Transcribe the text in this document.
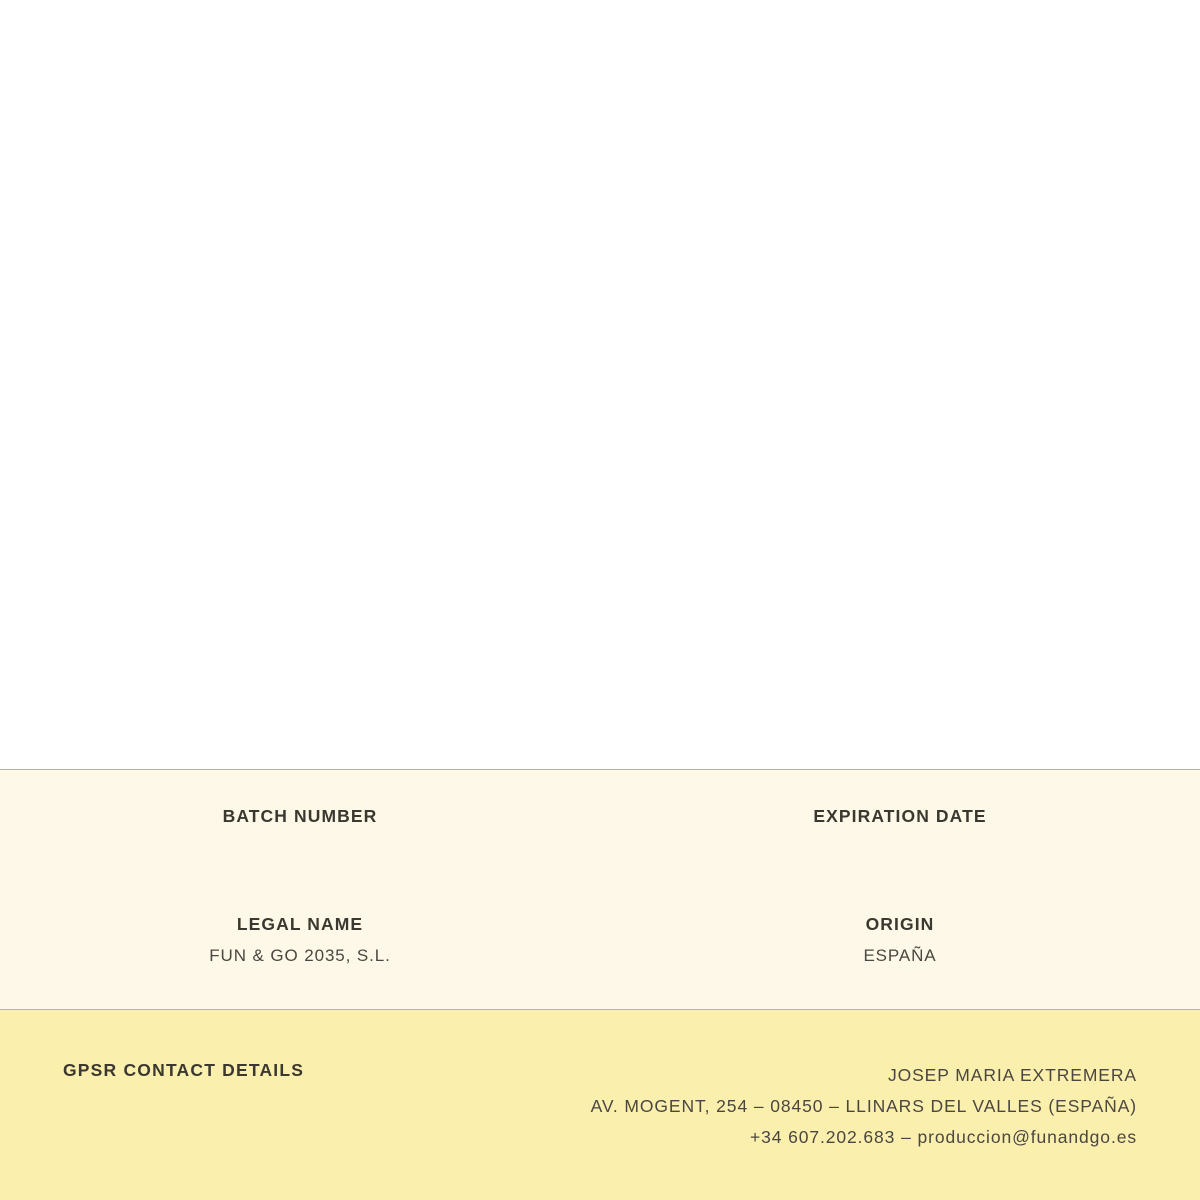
BATCH NUMBER	EXPIRATION DATE
LEGAL NAME
FUN & GO 2035, S.L.
ORIGIN
ESPAÑA
GPSR CONTACT DETAILS	JOSEP MARIA EXTREMERA
AV. MOGENT, 254 – 08450 – LLINARS DEL VALLES (ESPAÑA)
+34 607.202.683 – produccion@funandgo.es
